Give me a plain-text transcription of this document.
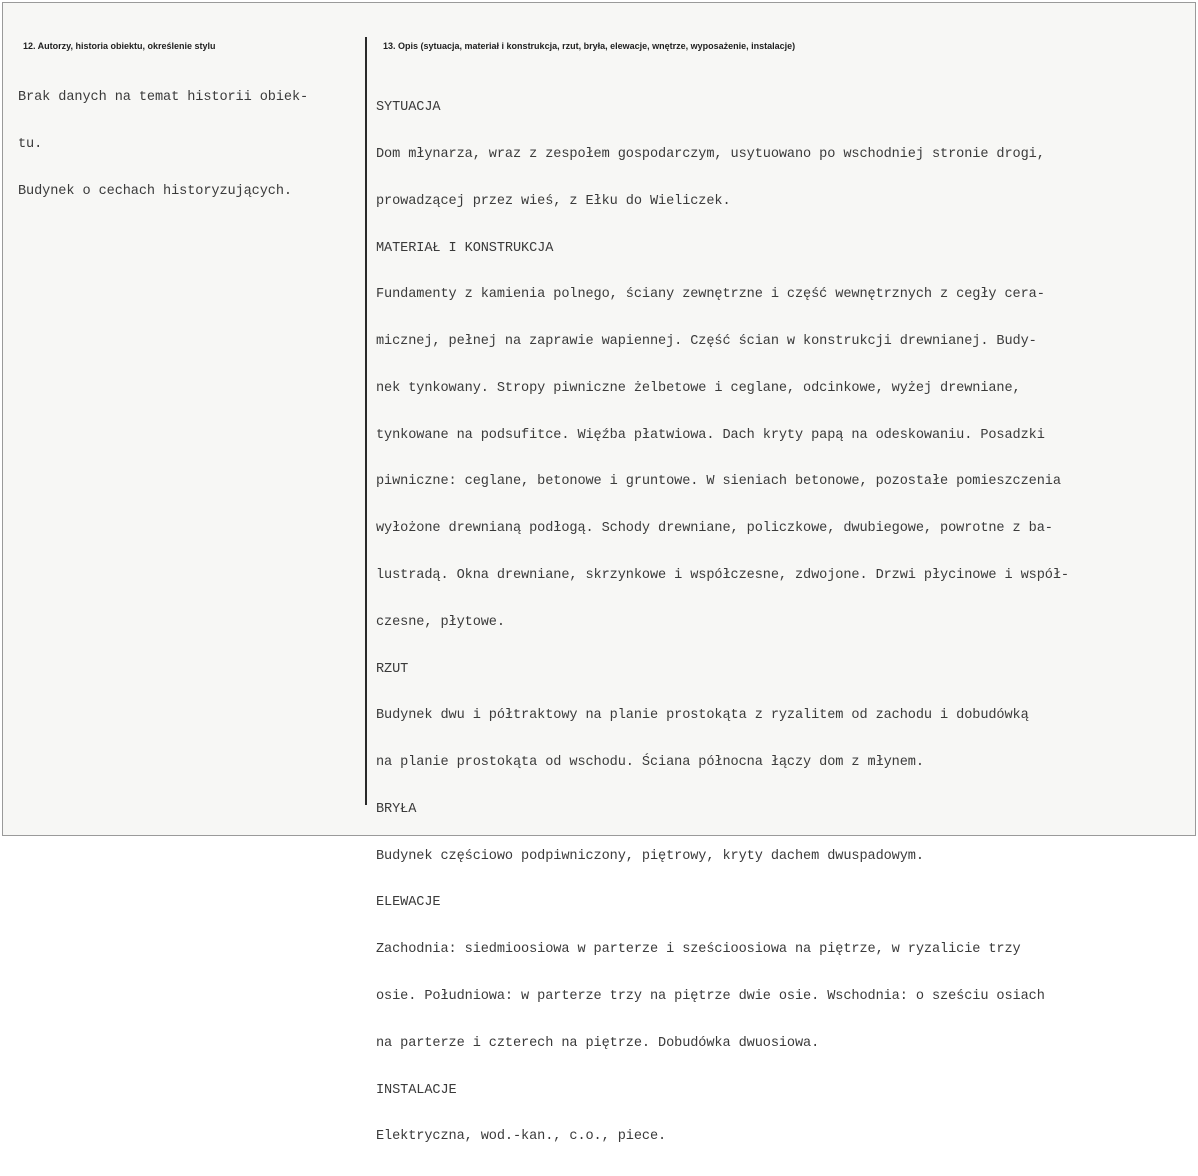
12. Autorzy, historia obiektu, określenie stylu	13. Opis (sytuacja, materiał i konstrukcja, rzut, bryła, elewacje, wnętrze, wyposażenie, instalacje)

Brak danych na temat historii obiek-

tu.

Budynek o cechach historyzujących.

SYTUACJA

Dom młynarza, wraz z zespołem gospodarczym, usytuowano po wschodniej stronie drogi,

prowadzącej przez wieś, z Ełku do Wieliczek.

MATERIAŁ I KONSTRUKCJA

Fundamenty z kamienia polnego, ściany zewnętrzne i część wewnętrznych z cegły cera-

micznej, pełnej na zaprawie wapiennej. Część ścian w konstrukcji drewnianej. Budy-

nek tynkowany. Stropy piwniczne żelbetowe i ceglane, odcinkowe, wyżej drewniane,

tynkowane na podsufitce. Więźba płatwiowa. Dach kryty papą na odeskowaniu. Posadzki

piwniczne: ceglane, betonowe i gruntowe. W sieniach betonowe, pozostałe pomieszczenia

wyłożone drewnianą podłogą. Schody drewniane, policzkowe, dwubiegowe, powrotne z ba-

lustradą. Okna drewniane, skrzynkowe i współczesne, zdwojone. Drzwi płycinowe i współ-

czesne, płytowe.

RZUT

Budynek dwu i półtraktowy na planie prostokąta z ryzalitem od zachodu i dobudówką

na planie prostokąta od wschodu. Ściana północna łączy dom z młynem.

BRYŁA

Budynek częściowo podpiwniczony, piętrowy, kryty dachem dwuspadowym.

ELEWACJE

Zachodnia: siedmioosiowa w parterze i sześcioosiowa na piętrze, w ryzalicie trzy

osie. Południowa: w parterze trzy na piętrze dwie osie. Wschodnia: o sześciu osiach

na parterze i czterech na piętrze. Dobudówka dwuosiowa.

INSTALACJE

Elektryczna, wod.-kan., c.o., piece.
